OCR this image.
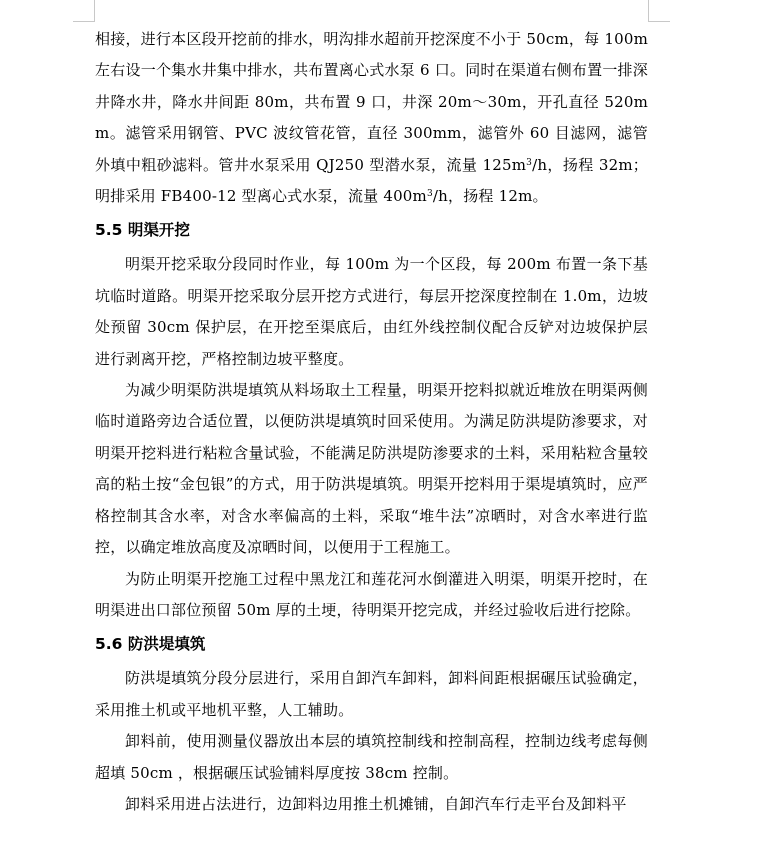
相接，进行本区段开挖前的排水，明沟排水超前开挖深度不小于 50cm，每 100m 左右设一个集水井集中排水，共布置离心式水泵 6 口。同时在渠道右侧布置一排深井降水井，降水井间距 80m，共布置 9 口，井深 20m～30m，开孔直径 520mm。滤管采用钢管、PVC 波纹管花管，直径 300mm，滤管外 60 目滤网，滤管外填中粗砂滤料。管井水泵采用 QJ250 型潜水泵，流量 $125m^3/h$，扬程 32m；明排采用 FB400-12 型离心式水泵，流量 $400m^3/h$，扬程 12m。

5.5 明渠开挖

明渠开挖采取分段同时作业，每 100m 为一个区段，每 200m 布置一条下基坑临时道路。明渠开挖采取分层开挖方式进行，每层开挖深度控制在 1.0m，边坡处预留 30cm 保护层，在开挖至渠底后，由红外线控制仪配合反铲对边坡保护层进行剥离开挖，严格控制边坡平整度。

为减少明渠防洪堤填筑从料场取土工程量，明渠开挖料拟就近堆放在明渠两侧临时道路旁边合适位置，以便防洪堤填筑时回采使用。为满足防洪堤防渗要求，对明渠开挖料进行粘粒含量试验，不能满足防洪堤防渗要求的土料，采用粘粒含量较高的粘土按“金包银”的方式，用于防洪堤填筑。明渠开挖料用于渠堤填筑时，应严格控制其含水率，对含水率偏高的土料，采取“堆牛法”凉晒时，对含水率进行监控，以确定堆放高度及凉晒时间，以便用于工程施工。

为防止明渠开挖施工过程中黑龙江和莲花河水倒灌进入明渠，明渠开挖时，在明渠进出口部位预留 50m 厚的土埂，待明渠开挖完成，并经过验收后进行挖除。

5.6 防洪堤填筑

防洪堤填筑分段分层进行，采用自卸汽车卸料，卸料间距根据碾压试验确定，采用推土机或平地机平整，人工辅助。

卸料前，使用测量仪器放出本层的填筑控制线和控制高程，控制边线考虑每侧超填 50cm ，根据碾压试验铺料厚度按 38cm 控制。

卸料采用进占法进行，边卸料边用推土机摊铺，自卸汽车行走平台及卸料平
